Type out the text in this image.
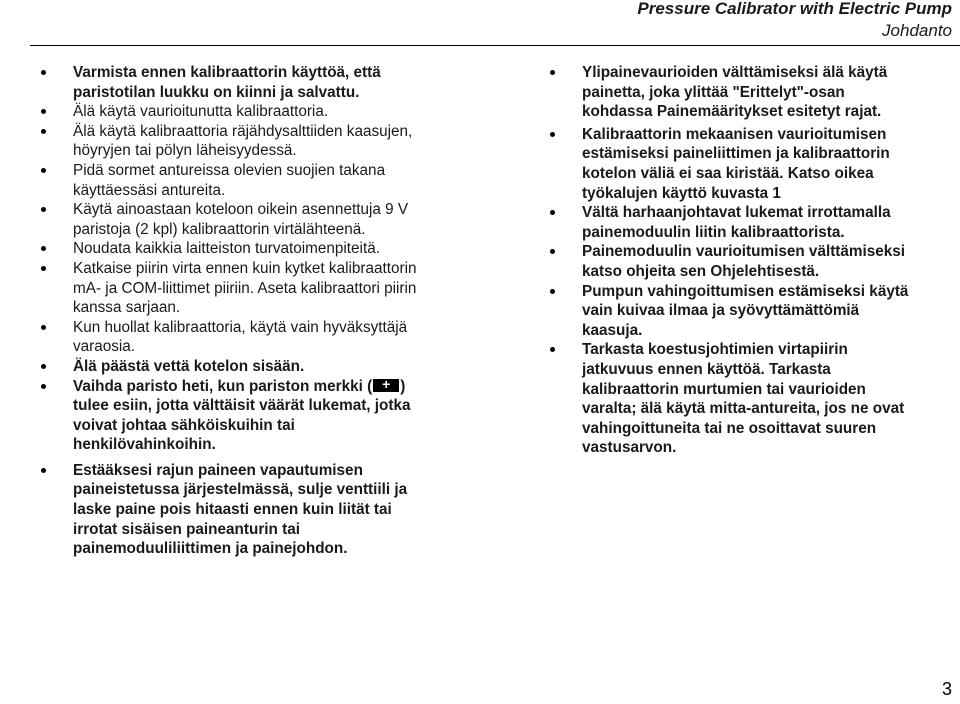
Pressure Calibrator with Electric Pump
Johdanto
Varmista ennen kalibraattorin käyttöä, että paristotilan luukku on kiinni ja salvattu.
Älä käytä vaurioitunutta kalibraattoria.
Älä käytä kalibraattoria räjähdysalttiiden kaasujen, höyryjen tai pölyn läheisyydessä.
Pidä sormet antureissa olevien suojien takana käyttäessäsi antureita.
Käytä ainoastaan koteloon oikein asennettuja 9 V paristoja (2 kpl) kalibraattorin virtälähteenä.
Noudata kaikkia laitteiston turvatoimenpiteitä.
Katkaise piirin virta ennen kuin kytket kalibraattorin mA- ja COM-liittimet piiriin. Aseta kalibraattori piirin kanssa sarjaan.
Kun huollat kalibraattoria, käytä vain hyväksyttäjä varaosia.
Älä päästä vettä kotelon sisään.
Vaihda paristo heti, kun pariston merkki (+ ) tulee esiin, jotta välttäisit väärät lukemat, jotka voivat johtaa sähköiskuihin tai henkilövahinkoihin.
Estääksesi rajun paineen vapautumisen paineistetussa järjestelmässä, sulje venttiili ja laske paine pois hitaasti ennen kuin liität tai irrotat sisäisen paineanturin tai painemoduuliliittimen ja painejohdon.
Ylipainevaurioiden välttämiseksi älä käytä painetta, joka ylittää "Erittelyt"-osan kohdassa Painemääritykset esitetyt rajat.
Kalibraattorin mekaanisen vaurioitumisen estämiseksi paineliittimen ja kalibraattorin kotelon väliä ei saa kiristää. Katso oikea työkalujen käyttö kuvasta 1
Vältä harhaanjohtavat lukemat irrottamalla painemoduulin liitin kalibraattorista.
Painemoduulin vaurioitumisen välttämiseksi katso ohjeita sen Ohjelehtisestä.
Pumpun vahingoittumisen estämiseksi käytä vain kuivaa ilmaa ja syövyttämättömiä kaasuja.
Tarkasta koestusjohtimien virtapiirin jatkuvuus ennen käyttöä. Tarkasta kalibraattorin murtumien tai vaurioiden varalta; älä käytä mitta-antureita, jos ne ovat vahingoittuneita tai ne osoittavat suuren vastusarvon.
3
